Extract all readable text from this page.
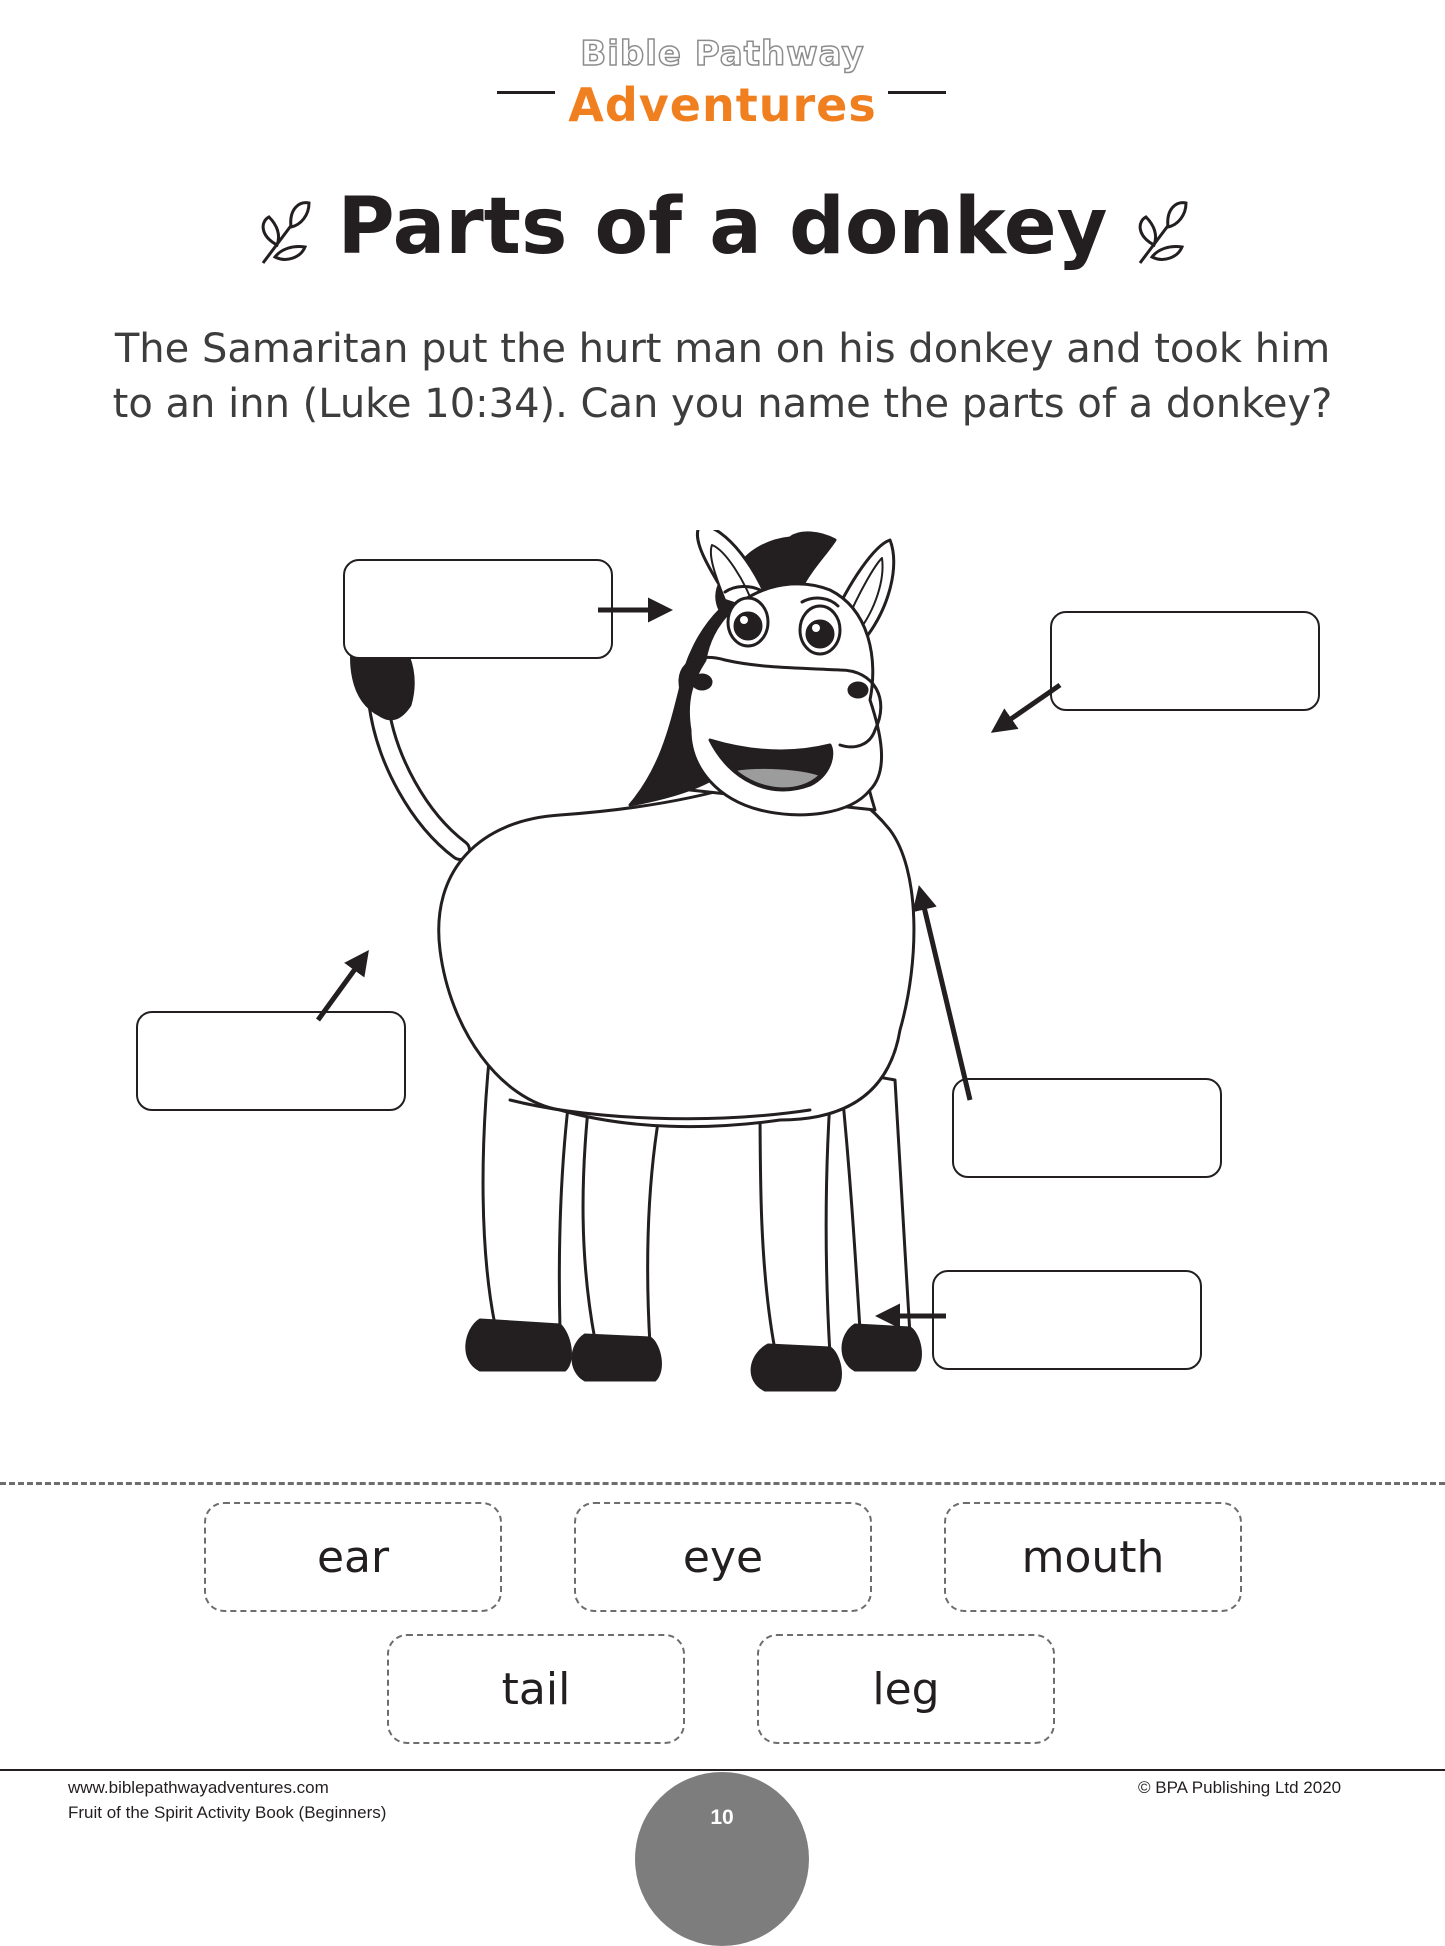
Bible Pathway
Adventures
Parts of a donkey
The Samaritan put the hurt man on his donkey and took him
to an inn (Luke 10:34). Can you name the parts of a donkey?
ear	eye	mouth
tail	leg
www.biblepathwayadventures.com
Fruit of the Spirit Activity Book (Beginners)
© BPA Publishing Ltd 2020
10
